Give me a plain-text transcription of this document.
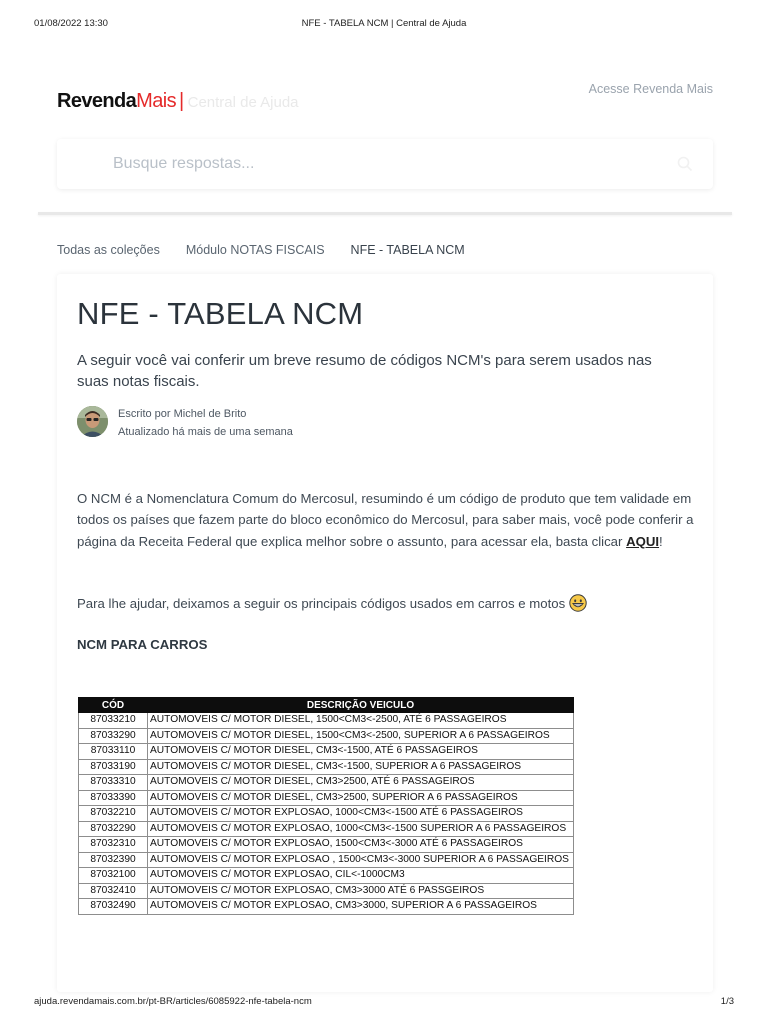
01/08/2022 13:30	NFE - TABELA NCM | Central de Ajuda
RevendaMais | Central de Ajuda
Acesse Revenda Mais
Busque respostas...
Todas as coleções Módulo NOTAS FISCAIS NFE - TABELA NCM
NFE - TABELA NCM

A seguir você vai conferir um breve resumo de códigos NCM's para serem usados nas suas notas fiscais.

Escrito por Michel de Brito
Atualizado há mais de uma semana

O NCM é a Nomenclatura Comum do Mercosul, resumindo é um código de produto que tem validade em todos os países que fazem parte do bloco econômico do Mercosul, para saber mais, você pode conferir a página da Receita Federal que explica melhor sobre o assunto, para acessar ela, basta clicar AQUI!

Para lhe ajudar, deixamos a seguir os principais códigos usados em carros e motos
NCM PARA CARROS
CÓD	DESCRIÇÃO VEICULO
87033210	AUTOMOVEIS C/ MOTOR DIESEL, 1500<CM3<-2500, ATÉ 6 PASSAGEIROS
87033290	AUTOMOVEIS C/ MOTOR DIESEL, 1500<CM3<-2500, SUPERIOR A 6 PASSAGEIROS
87033110	AUTOMOVEIS C/ MOTOR DIESEL, CM3<-1500, ATÉ 6 PASSAGEIROS
87033190	AUTOMOVEIS C/ MOTOR DIESEL, CM3<-1500, SUPERIOR A 6 PASSAGEIROS
87033310	AUTOMOVEIS C/ MOTOR DIESEL, CM3>2500, ATÉ 6 PASSAGEIROS
87033390	AUTOMOVEIS C/ MOTOR DIESEL, CM3>2500, SUPERIOR A 6 PASSAGEIROS
87032210	AUTOMOVEIS C/ MOTOR EXPLOSAO, 1000<CM3<-1500 ATÉ 6 PASSAGEIROS
87032290	AUTOMOVEIS C/ MOTOR EXPLOSAO, 1000<CM3<-1500 SUPERIOR A 6 PASSAGEIROS
87032310	AUTOMOVEIS C/ MOTOR EXPLOSAO, 1500<CM3<-3000 ATÉ 6 PASSAGEIROS
87032390	AUTOMOVEIS C/ MOTOR EXPLOSAO , 1500<CM3<-3000 SUPERIOR A 6 PASSAGEIROS
87032100	AUTOMOVEIS C/ MOTOR EXPLOSAO, CIL<-1000CM3
87032410	AUTOMOVEIS C/ MOTOR EXPLOSAO, CM3>3000 ATÉ 6 PASSGEIROS
87032490	AUTOMOVEIS C/ MOTOR EXPLOSAO, CM3>3000, SUPERIOR A 6 PASSAGEIROS
ajuda.revendamais.com.br/pt-BR/articles/6085922-nfe-tabela-ncm	1/3
